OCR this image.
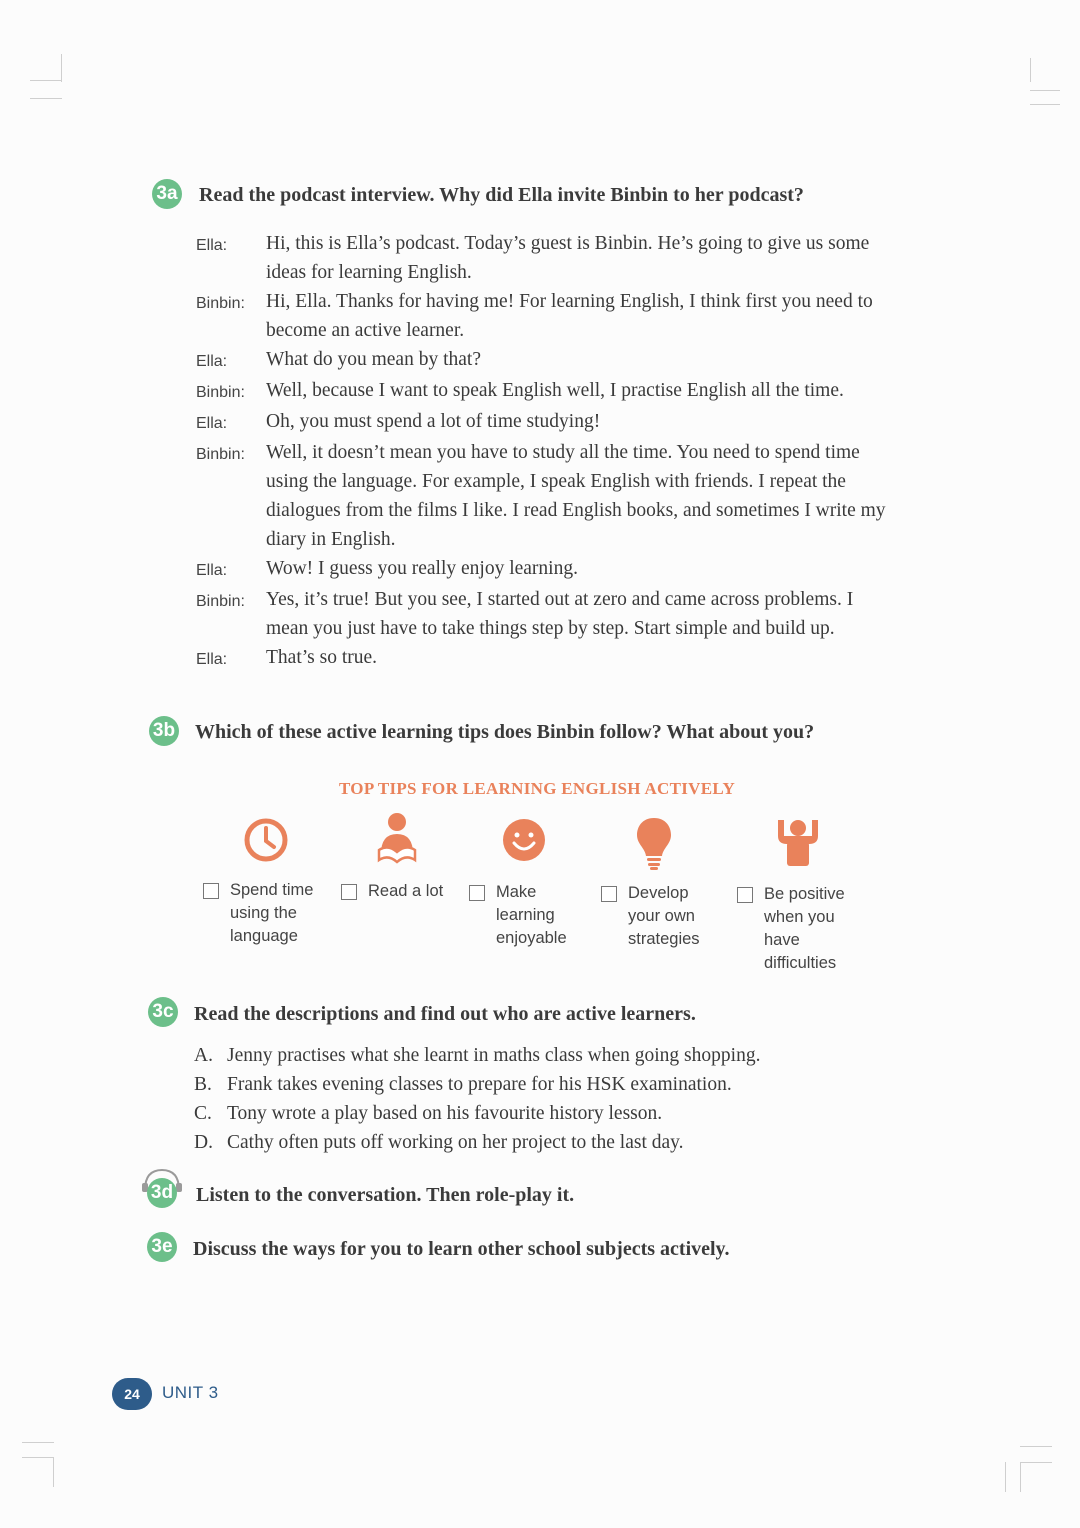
3a Read the podcast interview. Why did Ella invite Binbin to her podcast?
Ella:	Hi, this is Ella’s podcast. Today’s guest is Binbin. He’s going to give us some ideas for learning English.
Binbin:	Hi, Ella. Thanks for having me! For learning English, I think first you need to become an active learner.
Ella:	What do you mean by that?
Binbin:	Well, because I want to speak English well, I practise English all the time.
Ella:	Oh, you must spend a lot of time studying!
Binbin:	Well, it doesn’t mean you have to study all the time. You need to spend time using the language. For example, I speak English with friends. I repeat the dialogues from the films I like. I read English books, and sometimes I write my diary in English.
Ella:	Wow! I guess you really enjoy learning.
Binbin:	Yes, it’s true! But you see, I started out at zero and came across problems. I mean you just have to take things step by step. Start simple and build up.
Ella:	That’s so true.
3b Which of these active learning tips does Binbin follow? What about you?
TOP TIPS FOR LEARNING ENGLISH ACTIVELY
Spend time
using the
language
Read a lot	Make
learning
enjoyable
Develop
your own
strategies
Be positive
when you
have
difficulties
3c Read the descriptions and find out who are active learners.
A. Jenny practises what she learnt in maths class when going shopping.
B. Frank takes evening classes to prepare for his HSK examination.
C. Tony wrote a play based on his favourite history lesson.
D. Cathy often puts off working on her project to the last day.
3d Listen to the conversation. Then role-play it.
3e Discuss the ways for you to learn other school subjects actively.
24	UNIT 3
